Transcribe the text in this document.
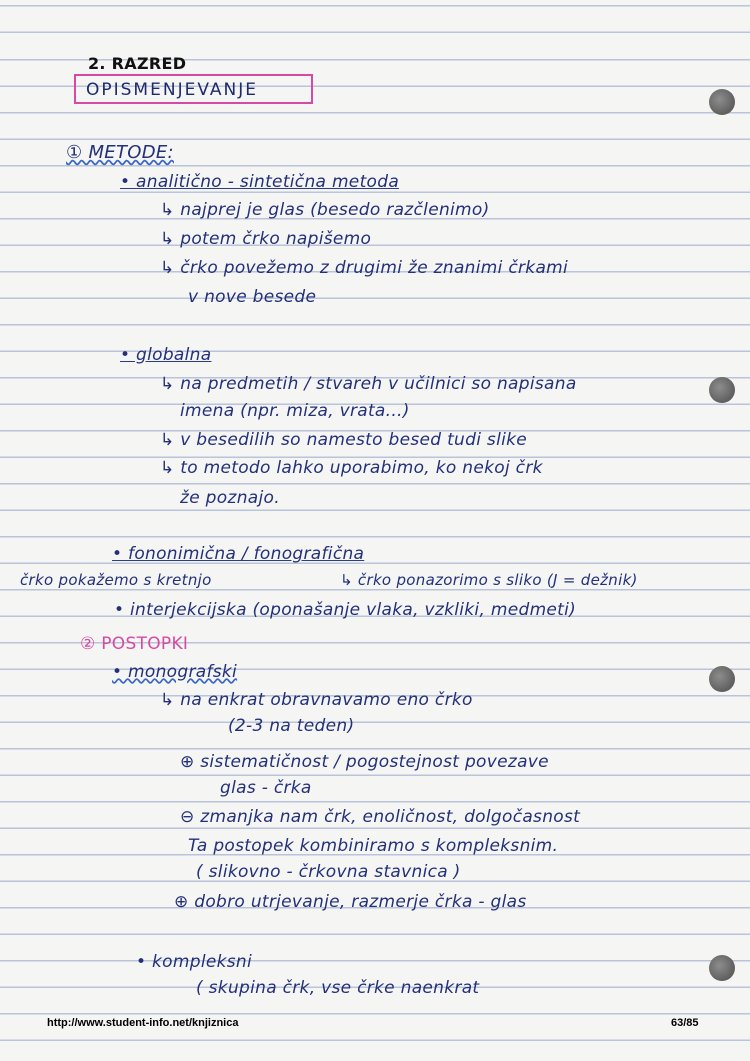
2. RAZRED
OPISMENJEVANJE
① METODE:
• analitično - sintetična metoda
↳ najprej je glas (besedo razčlenimo)
↳ potem črko napišemo
↳ črko povežemo z drugimi že znanimi črkami
v nove besede
• globalna
↳ na predmetih / stvareh v učilnici so napisana
imena (npr. miza, vrata...)
↳ v besedilih so namesto besed tudi slike
↳ to metodo lahko uporabimo, ko nekoj črk
že poznajo.
• fononimična / fonografična
črko pokažemo s kretnjo	↳ črko ponazorimo s sliko (J = dežnik)
• interjekcijska (oponašanje vlaka, vzkliki, medmeti)
② POSTOPKI
• monografski
↳ na enkrat obravnavamo eno črko
(2-3 na teden)
⊕ sistematičnost / pogostejnost povezave
glas - črka
⊖ zmanjka nam črk, enoličnost, dolgočasnost
Ta postopek kombiniramo s kompleksnim.
( slikovno - črkovna stavnica )
⊕ dobro utrjevanje, razmerje črka - glas
• kompleksni
( skupina črk, vse črke naenkrat
http://www.student-info.net/knjiznica	63/85
